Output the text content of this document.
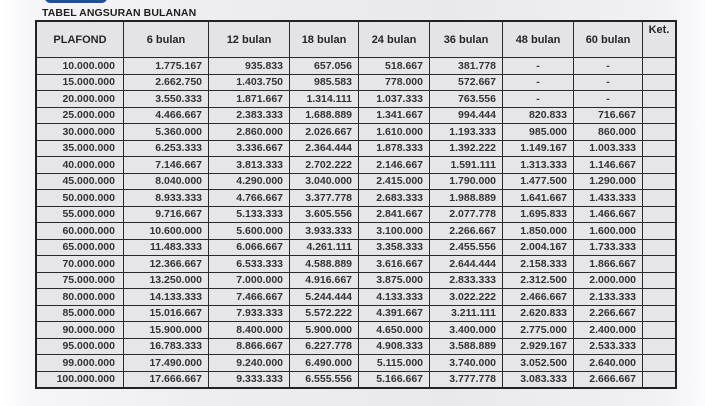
TABEL ANGSURAN BULANAN
PLAFOND	6 bulan	12 bulan	18 bulan	24 bulan	36 bulan	48 bulan	60 bulan	Ket.
10.000.000	1.775.167	935.833	657.056	518.667	381.778	-	-	
15.000.000	2.662.750	1.403.750	985.583	778.000	572.667	-	-	
20.000.000	3.550.333	1.871.667	1.314.111	1.037.333	763.556	-	-	
25.000.000	4.466.667	2.383.333	1.688.889	1.341.667	994.444	820.833	716.667	
30.000.000	5.360.000	2.860.000	2.026.667	1.610.000	1.193.333	985.000	860.000	
35.000.000	6.253.333	3.336.667	2.364.444	1.878.333	1.392.222	1.149.167	1.003.333	
40.000.000	7.146.667	3.813.333	2.702.222	2.146.667	1.591.111	1.313.333	1.146.667	
45.000.000	8.040.000	4.290.000	3.040.000	2.415.000	1.790.000	1.477.500	1.290.000	
50.000.000	8.933.333	4.766.667	3.377.778	2.683.333	1.988.889	1.641.667	1.433.333	
55.000.000	9.716.667	5.133.333	3.605.556	2.841.667	2.077.778	1.695.833	1.466.667	
60.000.000	10.600.000	5.600.000	3.933.333	3.100.000	2.266.667	1.850.000	1.600.000	
65.000.000	11.483.333	6.066.667	4.261.111	3.358.333	2.455.556	2.004.167	1.733.333	
70.000.000	12.366.667	6.533.333	4.588.889	3.616.667	2.644.444	2.158.333	1.866.667	
75.000.000	13.250.000	7.000.000	4.916.667	3.875.000	2.833.333	2.312.500	2.000.000	
80.000.000	14.133.333	7.466.667	5.244.444	4.133.333	3.022.222	2.466.667	2.133.333	
85.000.000	15.016.667	7.933.333	5.572.222	4.391.667	3.211.111	2.620.833	2.266.667	
90.000.000	15.900.000	8.400.000	5.900.000	4.650.000	3.400.000	2.775.000	2.400.000	
95.000.000	16.783.333	8.866.667	6.227.778	4.908.333	3.588.889	2.929.167	2.533.333	
99.000.000	17.490.000	9.240.000	6.490.000	5.115.000	3.740.000	3.052.500	2.640.000	
100.000.000	17.666.667	9.333.333	6.555.556	5.166.667	3.777.778	3.083.333	2.666.667	
